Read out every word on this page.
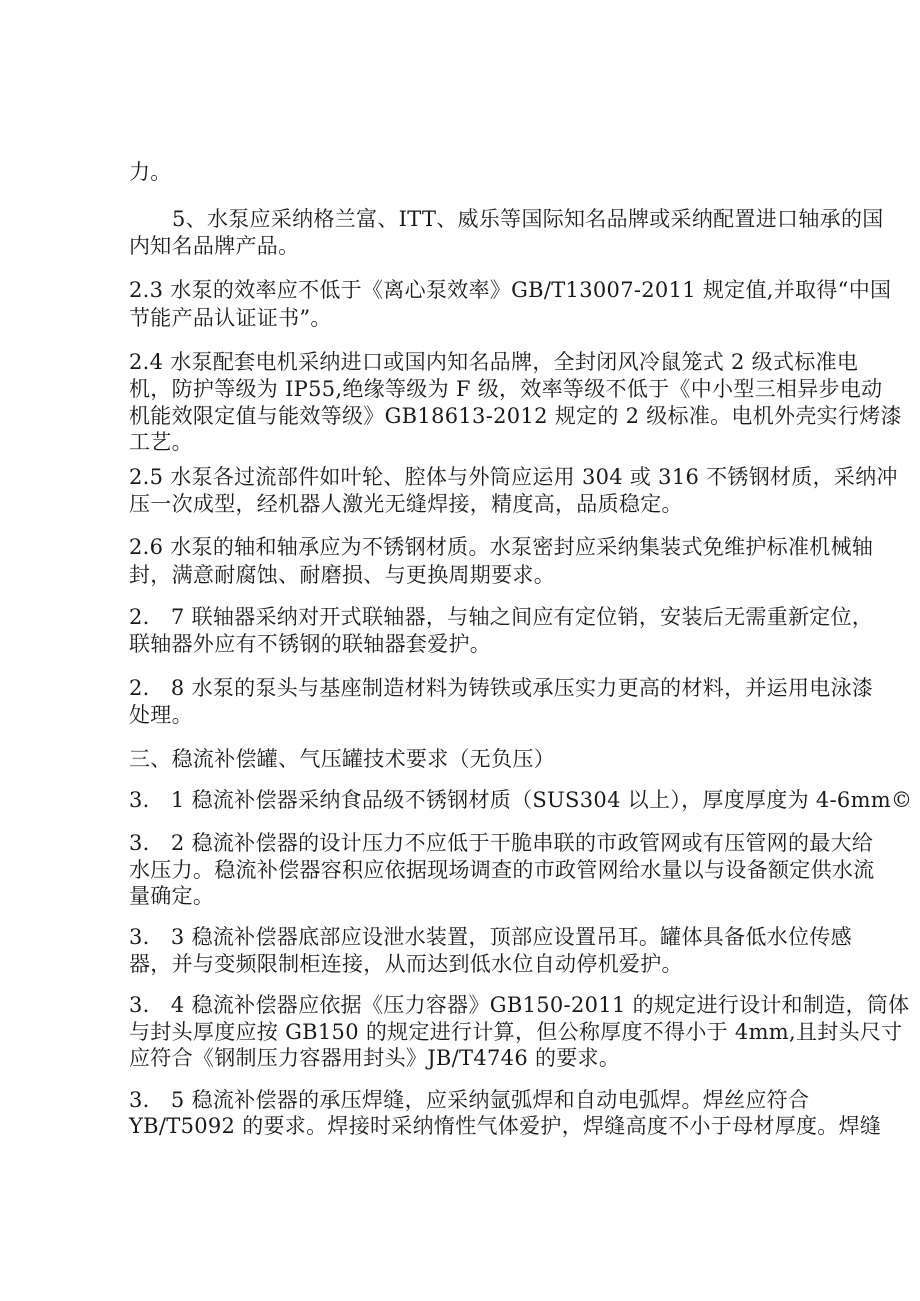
力。
5、水泵应采纳格兰富、ITT、威乐等国际知名品牌或采纳配置进口轴承的国
内知名品牌产品。
2.3 水泵的效率应不低于《离心泵效率》GB/T13007-2011 规定值,并取得“中国
节能产品认证证书”。
2.4 水泵配套电机采纳进口或国内知名品牌，全封闭风冷鼠笼式 2 级式标准电
机，防护等级为 IP55,绝缘等级为 F 级，效率等级不低于《中小型三相异步电动
机能效限定值与能效等级》GB18613-2012 规定的 2 级标准。电机外壳实行烤漆
工艺。
2.5 水泵各过流部件如叶轮、腔体与外筒应运用 304 或 316 不锈钢材质，采纳冲
压一次成型，经机器人激光无缝焊接，精度高，品质稳定。
2.6 水泵的轴和轴承应为不锈钢材质。水泵密封应采纳集装式免维护标准机械轴
封，满意耐腐蚀、耐磨损、与更换周期要求。
2.　7 联轴器采纳对开式联轴器，与轴之间应有定位销，安装后无需重新定位，
联轴器外应有不锈钢的联轴器套爱护。
2.　8 水泵的泵头与基座制造材料为铸铁或承压实力更高的材料，并运用电泳漆
处理。
三、稳流补偿罐、气压罐技术要求（无负压）
3.　1 稳流补偿器采纳食品级不锈钢材质（SUS304 以上），厚度厚度为 4-6mm©
3.　2 稳流补偿器的设计压力不应低于干脆串联的市政管网或有压管网的最大给
水压力。稳流补偿器容积应依据现场调查的市政管网给水量以与设备额定供水流
量确定。
3.　3 稳流补偿器底部应设泄水装置，顶部应设置吊耳。罐体具备低水位传感
器，并与变频限制柜连接，从而达到低水位自动停机爱护。
3.　4 稳流补偿器应依据《压力容器》GB150-2011 的规定进行设计和制造，筒体
与封头厚度应按 GB150 的规定进行计算，但公称厚度不得小于 4mm,且封头尺寸
应符合《钢制压力容器用封头》JB/T4746 的要求。
3.　5 稳流补偿器的承压焊缝，应采纳氩弧焊和自动电弧焊。焊丝应符合
YB/T5092 的要求。焊接时采纳惰性气体爱护，焊缝高度不小于母材厚度。焊缝
